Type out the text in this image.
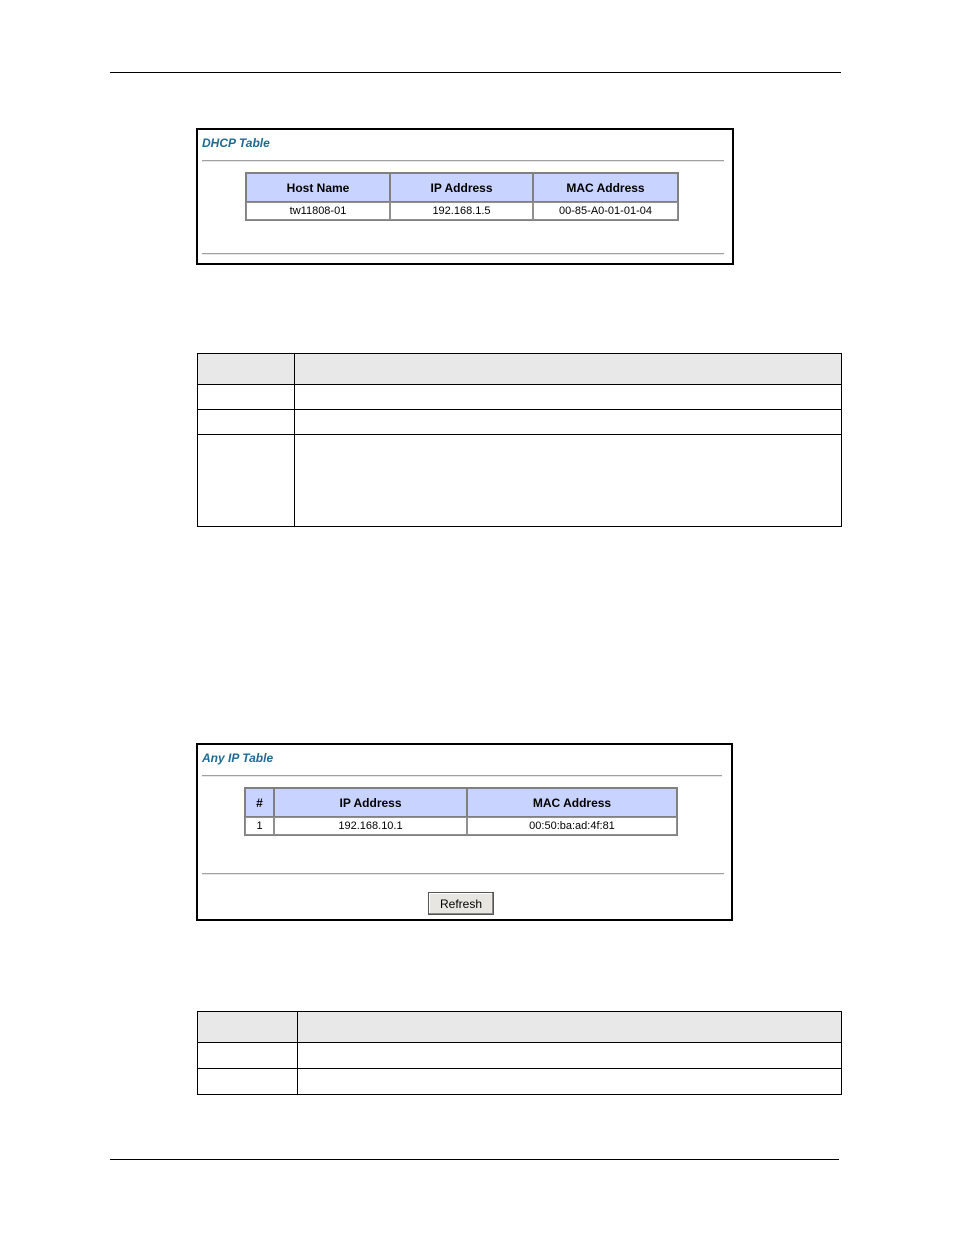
DHCP Table
Host Name	IP Address	MAC Address
tw11808-01	192.168.1.5	00-85-A0-01-01-04

Any IP Table
#	IP Address	MAC Address
1	192.168.10.1	00:50:ba:ad:4f:81
Refresh
